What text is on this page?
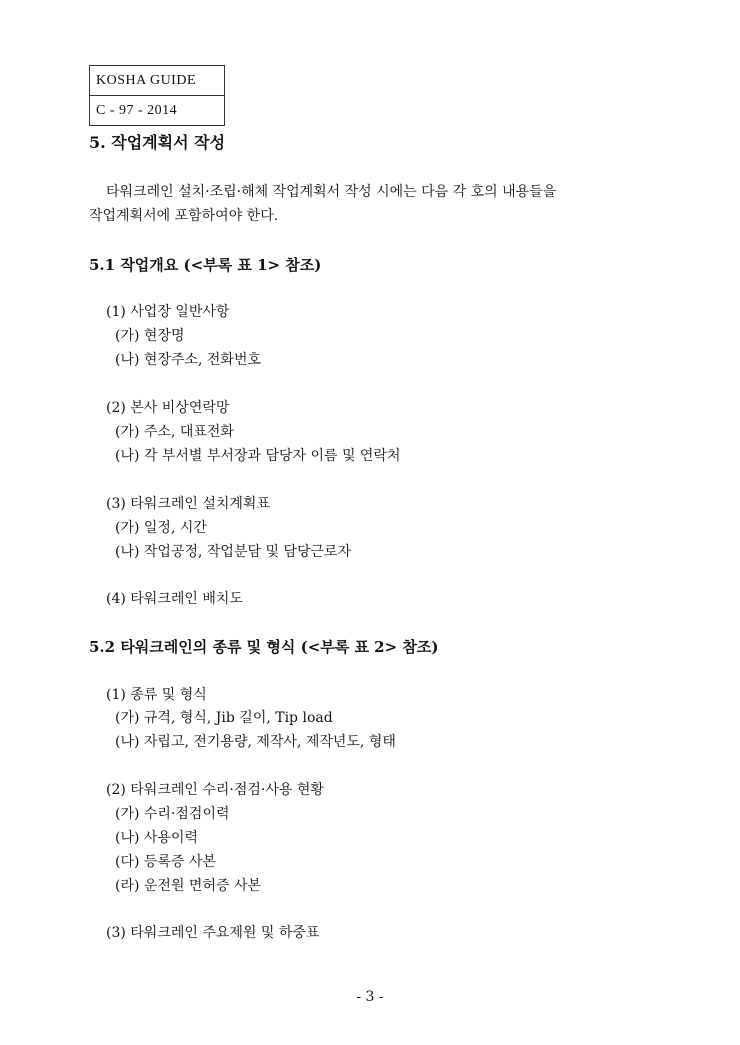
KOSHA GUIDE
C - 97 - 2014
5. 작업계획서 작성
타워크레인 설치·조립·해체 작업계획서 작성 시에는 다음 각 호의 내용들을
작업계획서에 포함하여야 한다.
5.1 작업개요 (<부록 표 1> 참조)
(1) 사업장 일반사항
(가) 현장명
(나) 현장주소, 전화번호
(2) 본사 비상연락망
(가) 주소, 대표전화
(나) 각 부서별 부서장과 담당자 이름 및 연락처
(3) 타워크레인 설치계획표
(가) 일정, 시간
(나) 작업공정, 작업분담 및 담당근로자
(4) 타워크레인 배치도
5.2 타워크레인의 종류 및 형식 (<부록 표 2> 참조)
(1) 종류 및 형식
(가) 규격, 형식, Jib 길이, Tip load
(나) 자립고, 전기용량, 제작사, 제작년도, 형태
(2) 타워크레인 수리·점검·사용 현황
(가) 수리·점검이력
(나) 사용이력
(다) 등록증 사본
(라) 운전원 면허증 사본
(3) 타워크레인 주요제원 및 하중표
- 3 -
